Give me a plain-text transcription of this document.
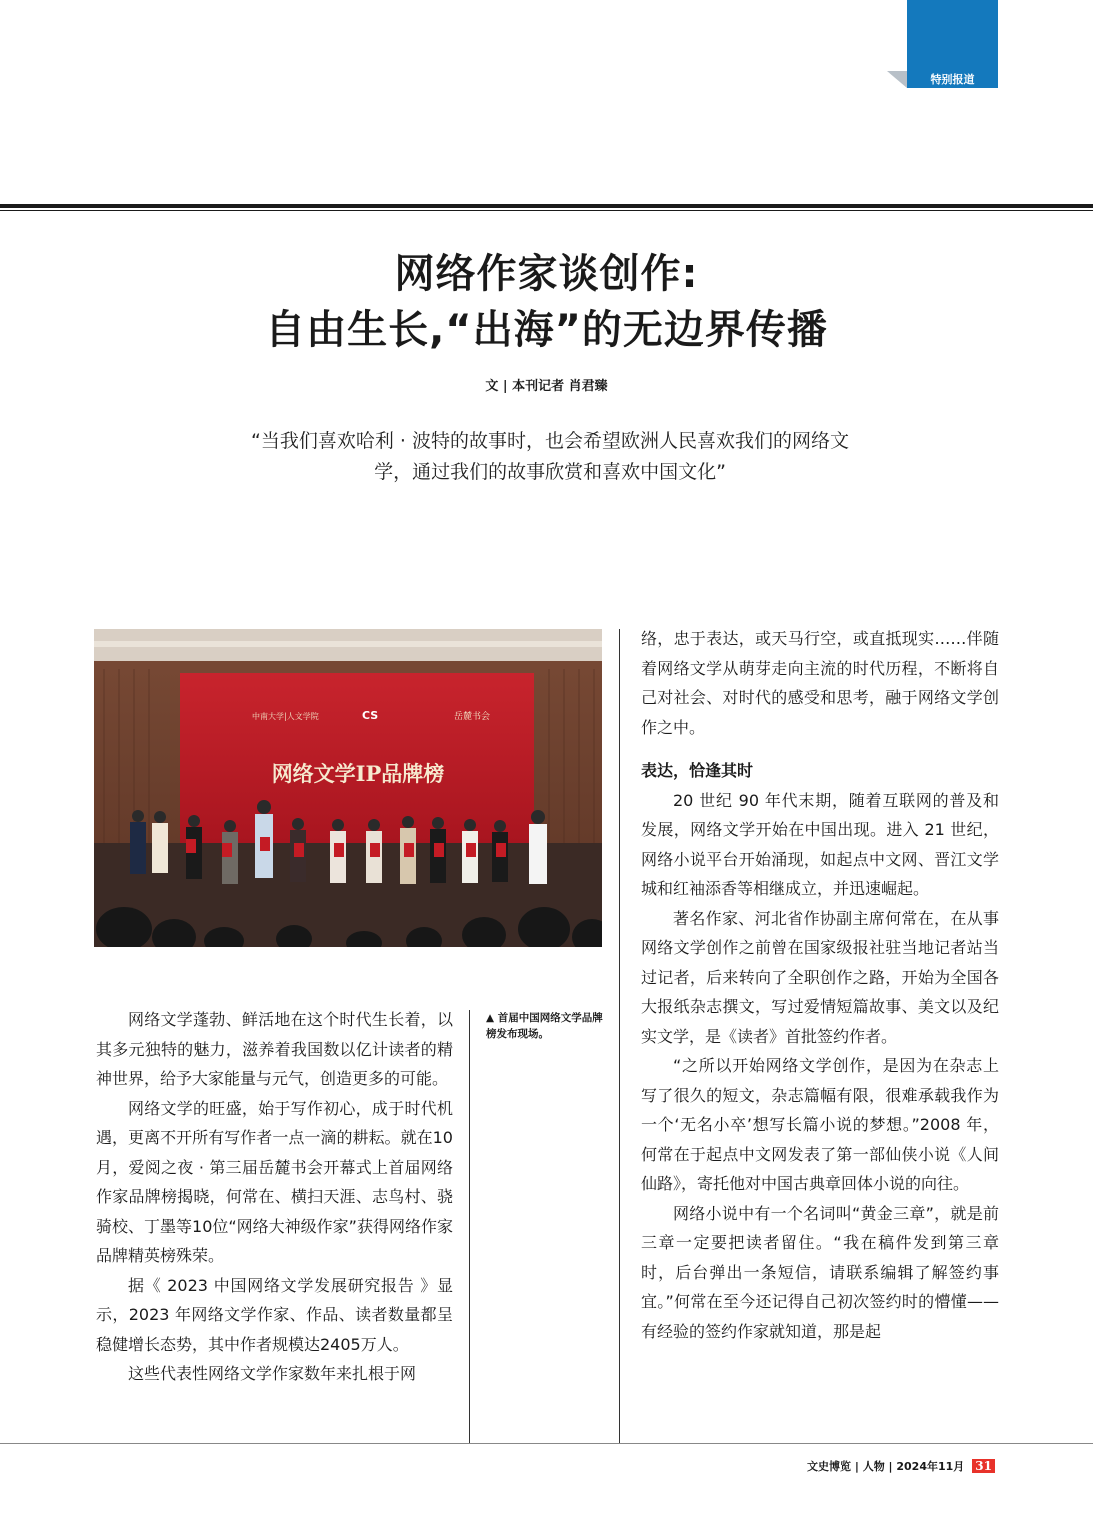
特别报道
网络作家谈创作:
自由生长,“出海”的无边界传播
文 | 本刊记者 肖君臻
“当我们喜欢哈利 · 波特的故事时，也会希望欧洲人民喜欢我们的网络文
学，通过我们的故事欣赏和喜欢中国文化”
中南大学|人文学院	CS	岳麓书会
网络文学IP品牌榜
▲ 首届中国网络文学品牌榜发布现场。

网络文学蓬勃、鲜活地在这个时代生长着，以其多元独特的魅力，滋养着我国数以亿计读者的精神世界，给予大家能量与元气，创造更多的可能。

网络文学的旺盛，始于写作初心，成于时代机遇，更离不开所有写作者一点一滴的耕耘。就在10月，爱阅之夜 · 第三届岳麓书会开幕式上首届网络作家品牌榜揭晓，何常在、横扫天涯、志鸟村、骁骑校、丁墨等10位“网络大神级作家”获得网络作家品牌精英榜殊荣。

据《 2023 中国网络文学发展研究报告 》显示，2023 年网络文学作家、作品、读者数量都呈稳健增长态势，其中作者规模达2405万人。

这些代表性网络文学作家数年来扎根于网

络，忠于表达，或天马行空，或直抵现实……伴随着网络文学从萌芽走向主流的时代历程，不断将自己对社会、对时代的感受和思考，融于网络文学创作之中。

表达，恰逢其时

20 世纪 90 年代末期，随着互联网的普及和发展，网络文学开始在中国出现。进入 21 世纪，网络小说平台开始涌现，如起点中文网、晋江文学城和红袖添香等相继成立，并迅速崛起。

著名作家、河北省作协副主席何常在，在从事网络文学创作之前曾在国家级报社驻当地记者站当过记者，后来转向了全职创作之路，开始为全国各大报纸杂志撰文，写过爱情短篇故事、美文以及纪实文学，是《读者》首批签约作者。

“之所以开始网络文学创作，是因为在杂志上写了很久的短文，杂志篇幅有限，很难承载我作为一个‘无名小卒’想写长篇小说的梦想。”2008 年，何常在于起点中文网发表了第一部仙侠小说《人间仙路》，寄托他对中国古典章回体小说的向往。

网络小说中有一个名词叫“黄金三章”，就是前三章一定要把读者留住。“我在稿件发到第三章时，后台弹出一条短信，请联系编辑了解签约事宜。”何常在至今还记得自己初次签约时的懵懂——有经验的签约作家就知道，那是起

文史博览 | 人物 | 2024年11月 31
